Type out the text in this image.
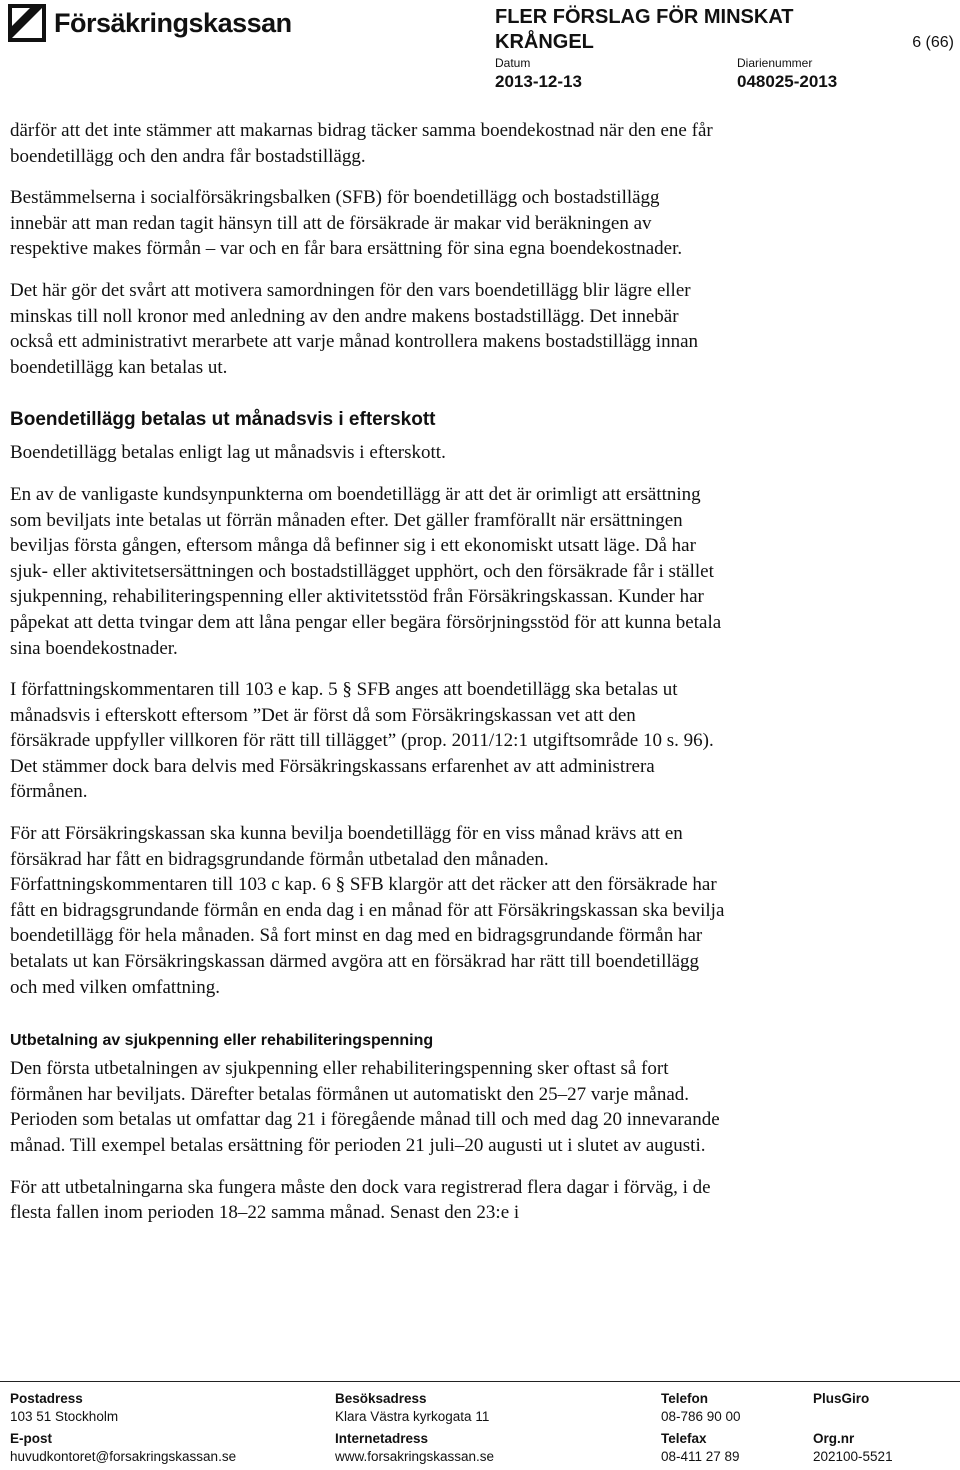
Försäkringskassan	FLER FÖRSLAG FÖR MINSKAT KRÅNGEL	6 (66)
Datum
2013-12-13
Diarienummer
048025-2013

därför att det inte stämmer att makarnas bidrag täcker samma boendekostnad när den ene får boendetillägg och den andra får bostadstillägg.

Bestämmelserna i socialförsäkringsbalken (SFB) för boendetillägg och bostadstillägg innebär att man redan tagit hänsyn till att de försäkrade är makar vid beräkningen av respektive makes förmån – var och en får bara ersättning för sina egna boendekostnader.

Det här gör det svårt att motivera samordningen för den vars boendetillägg blir lägre eller minskas till noll kronor med anledning av den andre makens bostadstillägg. Det innebär också ett administrativt merarbete att varje månad kontrollera makens bostadstillägg innan boendetillägg kan betalas ut.

Boendetillägg betalas ut månadsvis i efterskott

Boendetillägg betalas enligt lag ut månadsvis i efterskott.

En av de vanligaste kundsynpunkterna om boendetillägg är att det är orimligt att ersättning som beviljats inte betalas ut förrän månaden efter. Det gäller framförallt när ersättningen beviljas första gången, eftersom många då befinner sig i ett ekonomiskt utsatt läge. Då har sjuk- eller aktivitetsersättningen och bostadstillägget upphört, och den försäkrade får i stället sjukpenning, rehabiliteringspenning eller aktivitetsstöd från Försäkringskassan. Kunder har påpekat att detta tvingar dem att låna pengar eller begära försörjningsstöd för att kunna betala sina boendekostnader.

I författningskommentaren till 103 e kap. 5 § SFB anges att boendetillägg ska betalas ut månadsvis i efterskott eftersom ”Det är först då som Försäkringskassan vet att den försäkrade uppfyller villkoren för rätt till tillägget” (prop. 2011/12:1 utgiftsområde 10 s. 96). Det stämmer dock bara delvis med Försäkringskassans erfarenhet av att administrera förmånen.

För att Försäkringskassan ska kunna bevilja boendetillägg för en viss månad krävs att en försäkrad har fått en bidragsgrundande förmån utbetalad den månaden. Författningskommentaren till 103 c kap. 6 § SFB klargör att det räcker att den försäkrade har fått en bidragsgrundande förmån en enda dag i en månad för att Försäkringskassan ska bevilja boendetillägg för hela månaden. Så fort minst en dag med en bidragsgrundande förmån har betalats ut kan Försäkringskassan därmed avgöra att en försäkrad har rätt till boendetillägg och med vilken omfattning.

Utbetalning av sjukpenning eller rehabiliteringspenning

Den första utbetalningen av sjukpenning eller rehabiliteringspenning sker oftast så fort förmånen har beviljats. Därefter betalas förmånen ut automatiskt den 25–27 varje månad. Perioden som betalas ut omfattar dag 21 i föregående månad till och med dag 20 innevarande månad. Till exempel betalas ersättning för perioden 21 juli–20 augusti ut i slutet av augusti.

För att utbetalningarna ska fungera måste den dock vara registrerad flera dagar i förväg, i de flesta fallen inom perioden 18–22 samma månad. Senast den 23:e i

Postadress
103 51 Stockholm
E-post
huvudkontoret@forsakringskassan.se
Besöksadress
Klara Västra kyrkogata 11
Internetadress
www.forsakringskassan.se
Telefon
08-786 90 00
Telefax
08-411 27 89
PlusGiro
Org.nr
202100-5521
